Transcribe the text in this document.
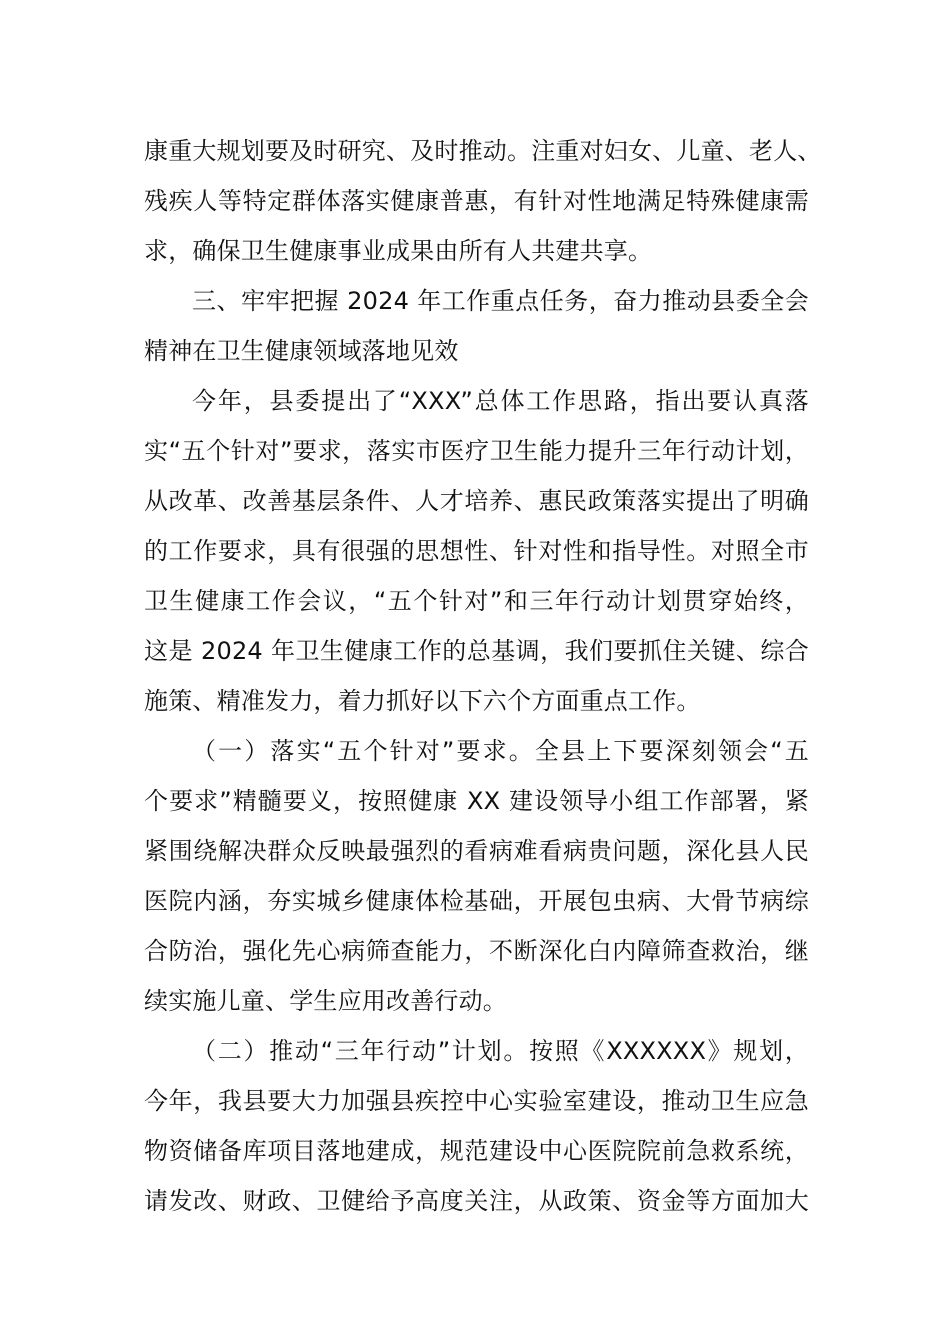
康重大规划要及时研究、及时推动。注重对妇女、儿童、老人、
残疾人等特定群体落实健康普惠，有针对性地满足特殊健康需
求，确保卫生健康事业成果由所有人共建共享。
三、牢牢把握 2024 年工作重点任务，奋力推动县委全会
精神在卫生健康领域落地见效
今年，县委提出了“XXX”总体工作思路，指出要认真落
实“五个针对”要求，落实市医疗卫生能力提升三年行动计划，
从改革、改善基层条件、人才培养、惠民政策落实提出了明确
的工作要求，具有很强的思想性、针对性和指导性。对照全市
卫生健康工作会议，“五个针对”和三年行动计划贯穿始终，
这是 2024 年卫生健康工作的总基调，我们要抓住关键、综合
施策、精准发力，着力抓好以下六个方面重点工作。
（一）落实“五个针对”要求。全县上下要深刻领会“五
个要求”精髓要义，按照健康 XX 建设领导小组工作部署，紧
紧围绕解决群众反映最强烈的看病难看病贵问题，深化县人民
医院内涵，夯实城乡健康体检基础，开展包虫病、大骨节病综
合防治，强化先心病筛查能力，不断深化白内障筛查救治，继
续实施儿童、学生应用改善行动。
（二）推动“三年行动”计划。按照《XXXXXX》规划，
今年，我县要大力加强县疾控中心实验室建设，推动卫生应急
物资储备库项目落地建成，规范建设中心医院院前急救系统，
请发改、财政、卫健给予高度关注，从政策、资金等方面加大
